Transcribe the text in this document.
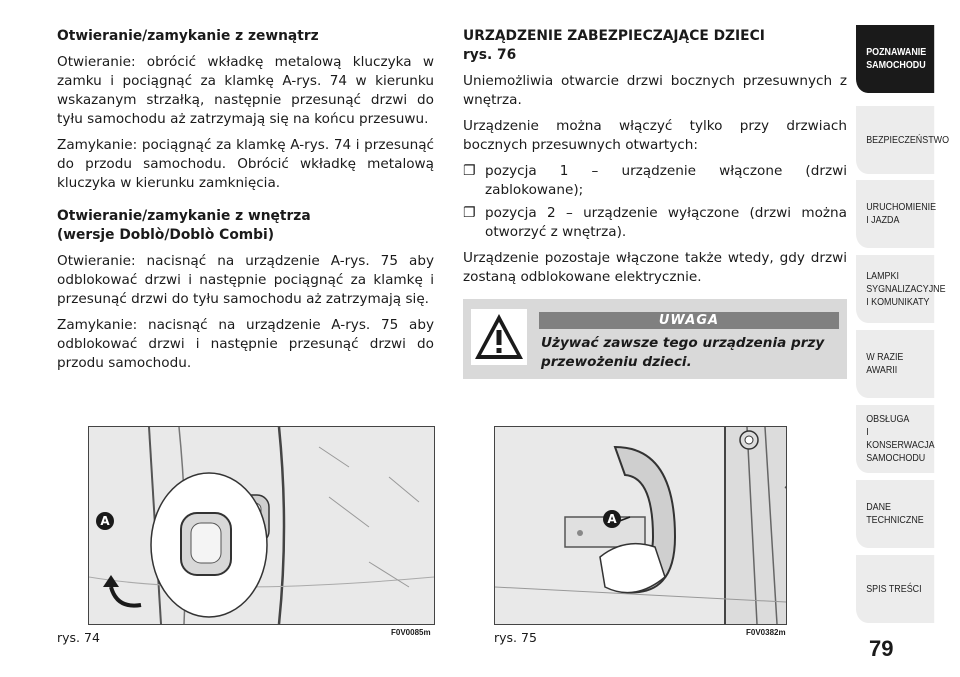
Otwieranie/zamykanie z zewnątrz

Otwieranie: obrócić wkładkę metalową kluczyka w zamku i pociągnąć za klamkę A-rys. 74 w kierunku wskazanym strzałką, następnie przesunąć drzwi do tyłu samochodu aż zatrzymają się na końcu przesuwu.

Zamykanie: pociągnąć za klamkę A-rys. 74 i przesunąć do przodu samochodu. Obrócić wkładkę metalową kluczyka w kierunku zamknięcia.

Otwieranie/zamykanie z wnętrza
(wersje Doblò/Doblò Combi)

Otwieranie: nacisnąć na urządzenie A-rys. 75 aby odblokować drzwi i następnie pociągnąć za klamkę i przesunąć drzwi do tyłu samochodu aż zatrzymają się.

Zamykanie: nacisnąć na urządzenie A-rys. 75 aby odblokować drzwi i następnie przesunąć drzwi do przodu samochodu.

URZĄDZENIE ZABEZPIECZAJĄCE DZIECI
rys. 76

Uniemożliwia otwarcie drzwi bocznych przesuwnych z wnętrza.

Urządzenie można włączyć tylko przy drzwiach bocznych przesuwnych otwartych:

❐ pozycja 1 – urządzenie włączone (drzwi zablokowane);
❐ pozycja 2 – urządzenie wyłączone (drzwi można otworzyć z wnętrza).

Urządzenie pozostaje włączone także wtedy, gdy drzwi zostaną odblokowane elektrycznie.

UWAGA
Używać zawsze tego urządzenia przy przewożeniu dzieci.
A
rys. 74	F0V0085m
A
rys. 75	F0V0382m
POZNAWANIE
SAMOCHODU
BEZPIECZEŃSTWO
URUCHOMIENIE
I JAZDA
LAMPKI
SYGNALIZACYJNE
I KOMUNIKATY
W RAZIE AWARII
OBSŁUGA
I KONSERWACJA
SAMOCHODU
DANE
TECHNICZNE
SPIS TREŚCI
79
